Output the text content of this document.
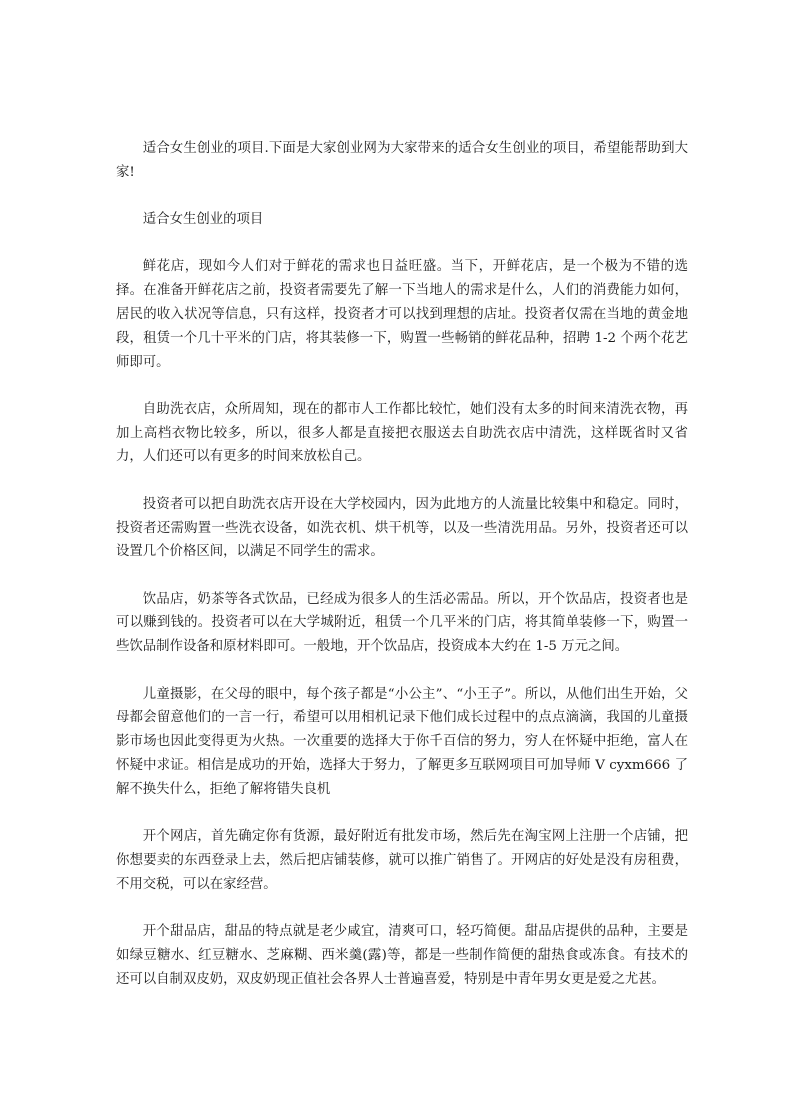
适合女生创业的项目.下面是大家创业网为大家带来的适合女生创业的项目，希望能帮助到大家!

适合女生创业的项目

鲜花店，现如今人们对于鲜花的需求也日益旺盛。当下，开鲜花店，是一个极为不错的选择。在准备开鲜花店之前，投资者需要先了解一下当地人的需求是什么，人们的消费能力如何，居民的收入状况等信息，只有这样，投资者才可以找到理想的店址。投资者仅需在当地的黄金地段，租赁一个几十平米的门店，将其装修一下，购置一些畅销的鲜花品种，招聘 1-2 个两个花艺师即可。

自助洗衣店，众所周知，现在的都市人工作都比较忙，她们没有太多的时间来清洗衣物，再加上高档衣物比较多，所以，很多人都是直接把衣服送去自助洗衣店中清洗，这样既省时又省力，人们还可以有更多的时间来放松自己。

投资者可以把自助洗衣店开设在大学校园内，因为此地方的人流量比较集中和稳定。同时，投资者还需购置一些洗衣设备，如洗衣机、烘干机等，以及一些清洗用品。另外，投资者还可以设置几个价格区间，以满足不同学生的需求。

饮品店，奶茶等各式饮品，已经成为很多人的生活必需品。所以，开个饮品店，投资者也是可以赚到钱的。投资者可以在大学城附近，租赁一个几平米的门店，将其简单装修一下，购置一些饮品制作设备和原材料即可。一般地，开个饮品店，投资成本大约在 1-5 万元之间。

儿童摄影，在父母的眼中，每个孩子都是“小公主”、“小王子”。所以，从他们出生开始，父母都会留意他们的一言一行，希望可以用相机记录下他们成长过程中的点点滴滴，我国的儿童摄影市场也因此变得更为火热。一次重要的选择大于你千百信的努力，穷人在怀疑中拒绝，富人在怀疑中求证。相信是成功的开始，选择大于努力，了解更多互联网项目可加导师 V cyxm666 了解不换失什么，拒绝了解将错失良机

开个网店，首先确定你有货源，最好附近有批发市场，然后先在淘宝网上注册一个店铺，把你想要卖的东西登录上去，然后把店铺装修，就可以推广销售了。开网店的好处是没有房租费，不用交税，可以在家经营。

开个甜品店，甜品的特点就是老少咸宜，清爽可口，轻巧简便。甜品店提供的品种，主要是如绿豆糖水、红豆糖水、芝麻糊、西米羹(露)等，都是一些制作简便的甜热食或冻食。有技术的还可以自制双皮奶，双皮奶现正值社会各界人士普遍喜爱，特别是中青年男女更是爱之尤甚。
